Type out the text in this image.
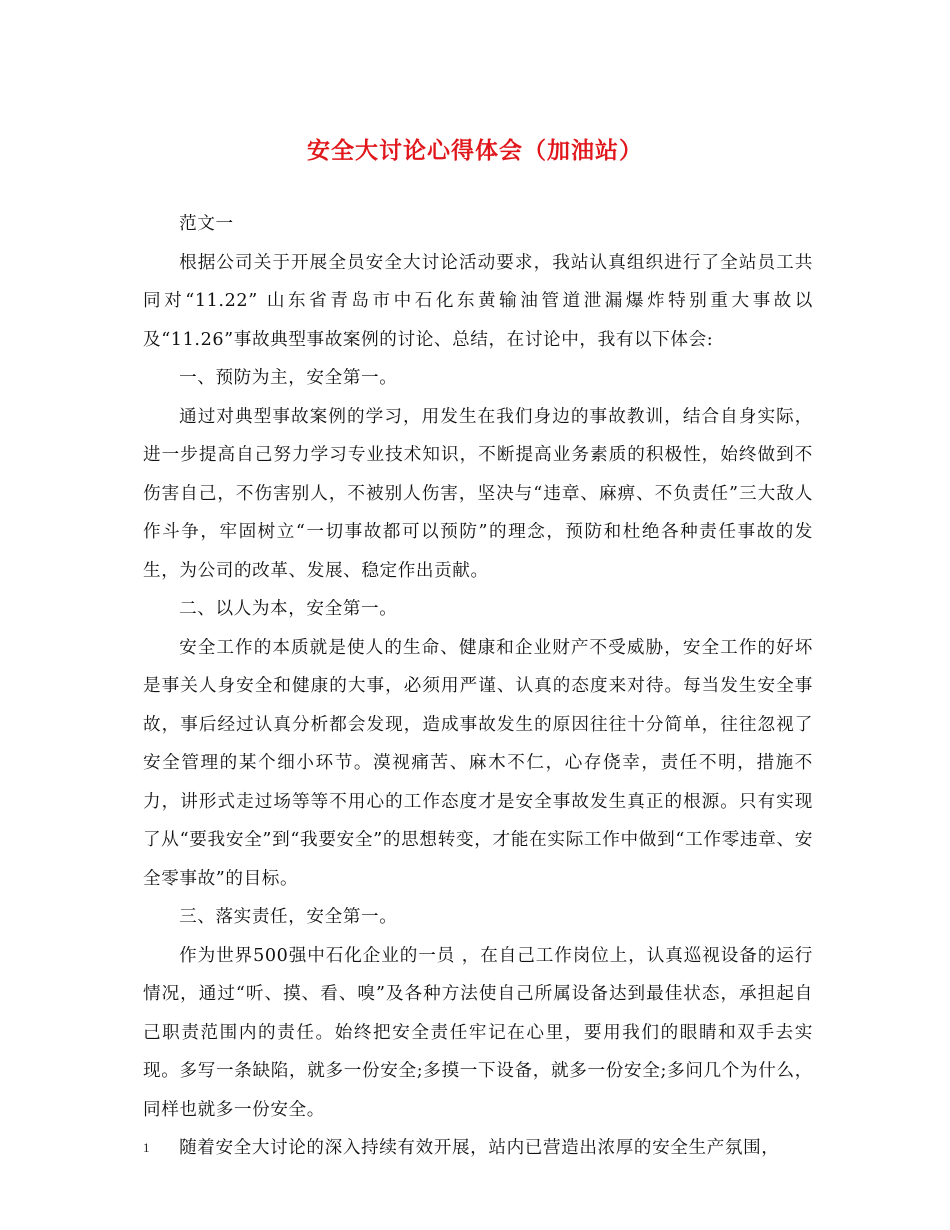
安全大讨论心得体会（加油站）

范文一

根据公司关于开展全员安全大讨论活动要求，我站认真组织进行了全站员工共同对“11.22” 山东省青岛市中石化东黄输油管道泄漏爆炸特别重大事故以及“11.26”事故典型事故案例的讨论、总结，在讨论中，我有以下体会:

一、预防为主，安全第一。

通过对典型事故案例的学习，用发生在我们身边的事故教训，结合自身实际，进一步提高自己努力学习专业技术知识，不断提高业务素质的积极性，始终做到不伤害自己，不伤害别人，不被别人伤害，坚决与“违章、麻痹、不负责任”三大敌人作斗争，牢固树立“一切事故都可以预防”的理念，预防和杜绝各种责任事故的发生，为公司的改革、发展、稳定作出贡献。

二、以人为本，安全第一。

安全工作的本质就是使人的生命、健康和企业财产不受威胁，安全工作的好坏是事关人身安全和健康的大事，必须用严谨、认真的态度来对待。每当发生安全事故，事后经过认真分析都会发现，造成事故发生的原因往往十分简单，往往忽视了安全管理的某个细小环节。漠视痛苦、麻木不仁，心存侥幸，责任不明，措施不力，讲形式走过场等等不用心的工作态度才是安全事故发生真正的根源。只有实现了从“要我安全”到“我要安全”的思想转变，才能在实际工作中做到“工作零违章、安全零事故”的目标。

三、落实责任，安全第一。

作为世界500强中石化企业的一员 ，在自己工作岗位上，认真巡视设备的运行情况，通过“听、摸、看、嗅”及各种方法使自己所属设备达到最佳状态，承担起自己职责范围内的责任。始终把安全责任牢记在心里，要用我们的眼睛和双手去实现。多写一条缺陷，就多一份安全;多摸一下设备，就多一份安全;多问几个为什么，同样也就多一份安全。

随着安全大讨论的深入持续有效开展，站内已营造出浓厚的安全生产氛围，

1
